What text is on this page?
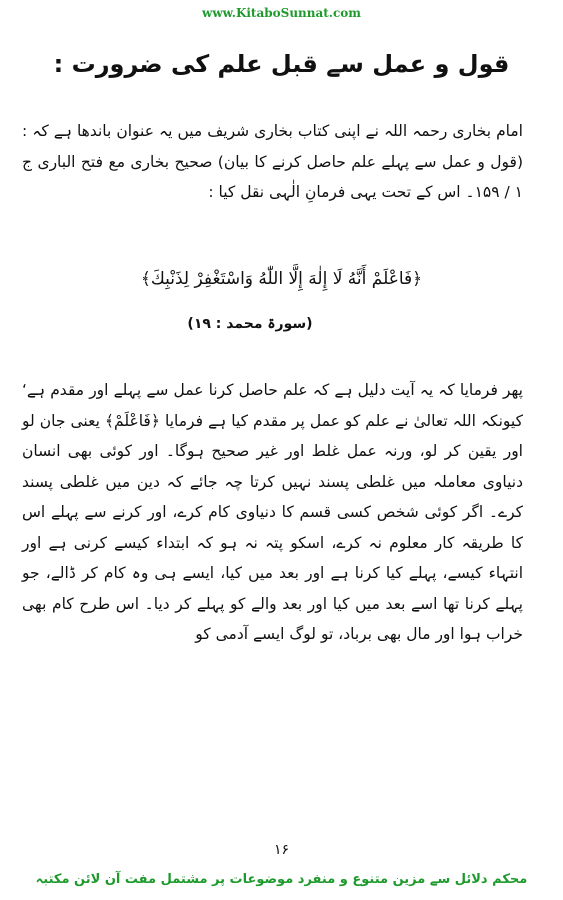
www.KitaboSunnat.com
قول و عمل سے قبل علم کی ضرورت :
امام بخاری رحمہ اللہ نے اپنی کتاب بخاری شریف میں یہ عنوان باندھا ہے کہ : (قول و عمل سے پہلے علم حاصل کرنے کا بیان) صحیح بخاری مع فتح الباری ج ۱ / ۱۵۹۔ اس کے تحت یہی فرمانِ الٰہی نقل کیا :
﴿فَاعْلَمْ أَنَّهُ لَا إِلٰهَ إِلَّا اللّٰهُ وَاسْتَغْفِرْ لِذَنْبِكَ﴾
(سورۃ محمد : ۱۹)
پھر فرمایا کہ یہ آیت دلیل ہے کہ علم حاصل کرنا عمل سے پہلے اور مقدم ہے‘ کیونکہ اللہ تعالیٰ نے علم کو عمل پر مقدم کیا ہے فرمایا ﴿فَاعْلَمْ﴾ یعنی جان لو اور یقین کر لو، ورنہ عمل غلط اور غیر صحیح ہوگا۔ اور کوئی بھی انسان دنیاوی معاملہ میں غلطی پسند نہیں کرتا چہ جائے کہ دین میں غلطی پسند کرے۔ اگر کوئی شخص کسی قسم کا دنیاوی کام کرے، اور کرنے سے پہلے اس کا طریقہ کار معلوم نہ کرے، اسکو پتہ نہ ہو کہ ابتداء کیسے کرنی ہے اور انتہاء کیسے، پہلے کیا کرنا ہے اور بعد میں کیا، ایسے ہی وہ کام کر ڈالے، جو پہلے کرنا تھا اسے بعد میں کیا اور بعد والے کو پہلے کر دیا۔ اس طرح کام بھی خراب ہوا اور مال بھی برباد، تو لوگ ایسے آدمی کو
۱۶
محکم دلائل سے مزین متنوع و منفرد موضوعات پر مشتمل مفت آن لائن مکتبہ
